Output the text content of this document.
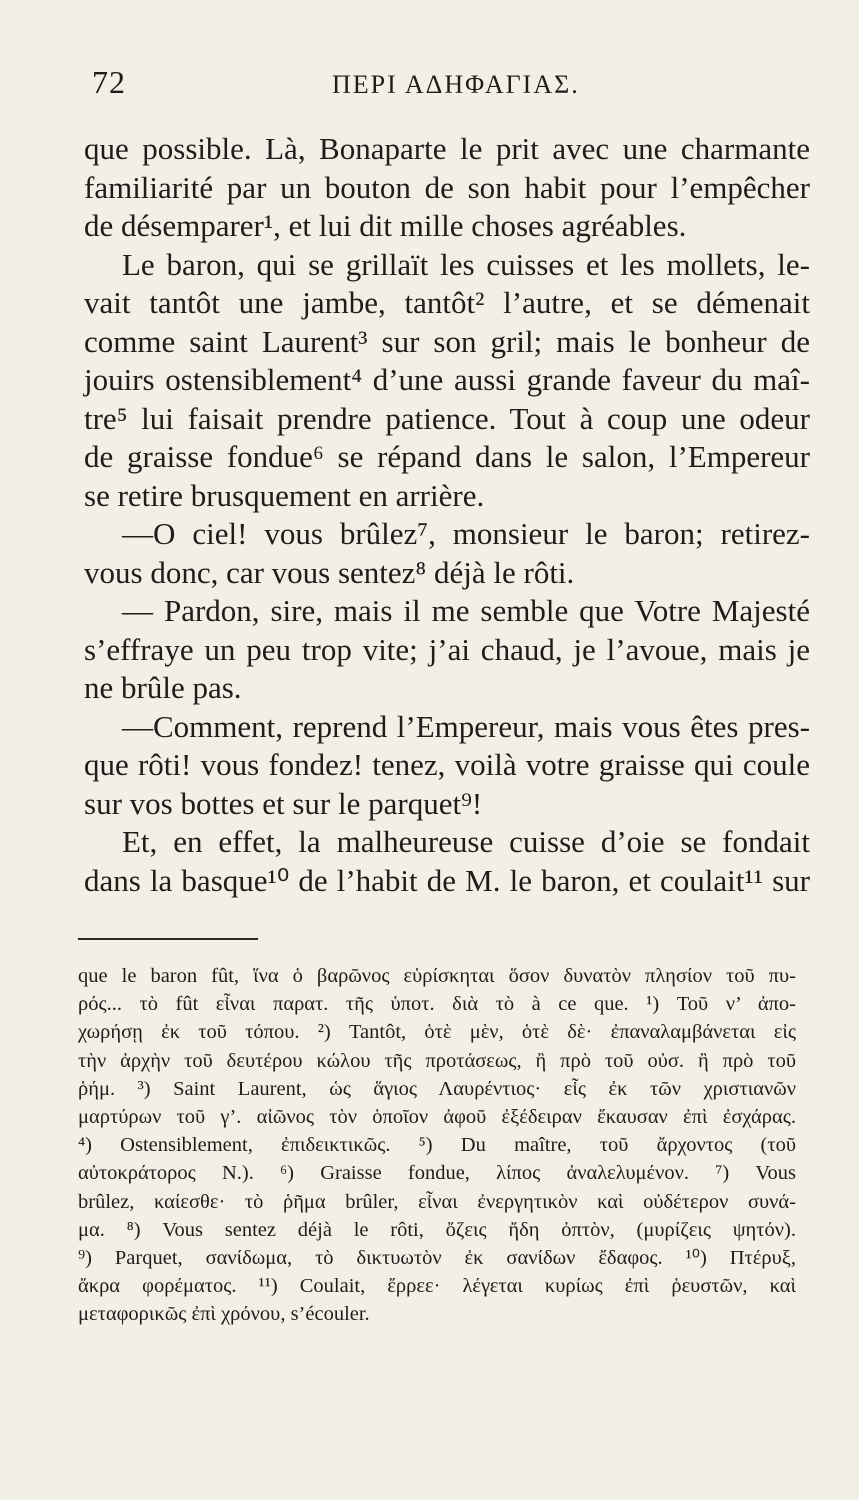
72	ΠΕΡΙ ΑΔΗΦΑΓΙΑΣ.
que possible. Là, Bonaparte le prit avec une charmante
familiarité par un bouton de son habit pour l’empêcher
de désemparer¹, et lui dit mille choses agréables.
Le baron, qui se grillaït les cuisses et les mollets, le-
vait tantôt une jambe, tantôt² l’autre, et se démenait
comme saint Laurent³ sur son gril; mais le bonheur de
jouirs ostensiblement⁴ d’une aussi grande faveur du maî-
tre⁵ lui faisait prendre patience. Tout à coup une odeur
de graisse fondue⁶ se répand dans le salon, l’Empereur
se retire brusquement en arrière.
—O ciel! vous brûlez⁷, monsieur le baron; retirez-
vous donc, car vous sentez⁸ déjà le rôti.
— Pardon, sire, mais il me semble que Votre Majesté
s’effraye un peu trop vite; j’ai chaud, je l’avoue, mais je
ne brûle pas.
—Comment, reprend l’Empereur, mais vous êtes pres-
que rôti! vous fondez! tenez, voilà votre graisse qui coule
sur vos bottes et sur le parquet⁹!
Et, en effet, la malheureuse cuisse d’oie se fondait
dans la basque¹⁰ de l’habit de M. le baron, et coulait¹¹ sur
que le baron fût, ἵνα ὁ βαρῶνος εὑρίσκηται ὅσον δυνατὸν πλησίον τοῦ πυ-
ρός... τὸ fût εἶναι παρατ. τῆς ὑποτ. διὰ τὸ à ce que. ¹) Τοῦ ν’ ἀπο-
χωρήσῃ ἐκ τοῦ τόπου. ²) Tantôt, ὁτὲ μὲν, ὁτὲ δὲ· ἐπαναλαμβάνεται εἰς
τὴν ἀρχὴν τοῦ δευτέρου κώλου τῆς προτάσεως, ἢ πρὸ τοῦ οὐσ. ἢ πρὸ τοῦ
ῥήμ. ³) Saint Laurent, ὡς ἅγιος Λαυρέντιος· εἷς ἐκ τῶν χριστιανῶν
μαρτύρων τοῦ γ’. αἰῶνος τὸν ὁποῖον ἀφοῦ ἐξέδειραν ἔκαυσαν ἐπὶ ἐσχάρας.
⁴) Ostensiblement, ἐπιδεικτικῶς. ⁵) Du maître, τοῦ ἄρχοντος (τοῦ
αὐτοκράτορος N.). ⁶) Graisse fondue, λίπος ἀναλελυμένον. ⁷) Vous
brûlez, καίεσθε· τὸ ῥῆμα brûler, εἶναι ἐνεργητικὸν καὶ οὐδέτερον συνά-
μα. ⁸) Vous sentez déjà le rôti, ὄζεις ἤδη ὀπτὸν, (μυρίζεις ψητόν).
⁹) Parquet, σανίδωμα, τὸ δικτυωτὸν ἐκ σανίδων ἔδαφος. ¹⁰) Πτέρυξ,
ἄκρα φορέματος. ¹¹) Coulait, ἔρρεε· λέγεται κυρίως ἐπὶ ῥευστῶν, καὶ
μεταφορικῶς ἐπὶ χρόνου, s’écouler.
